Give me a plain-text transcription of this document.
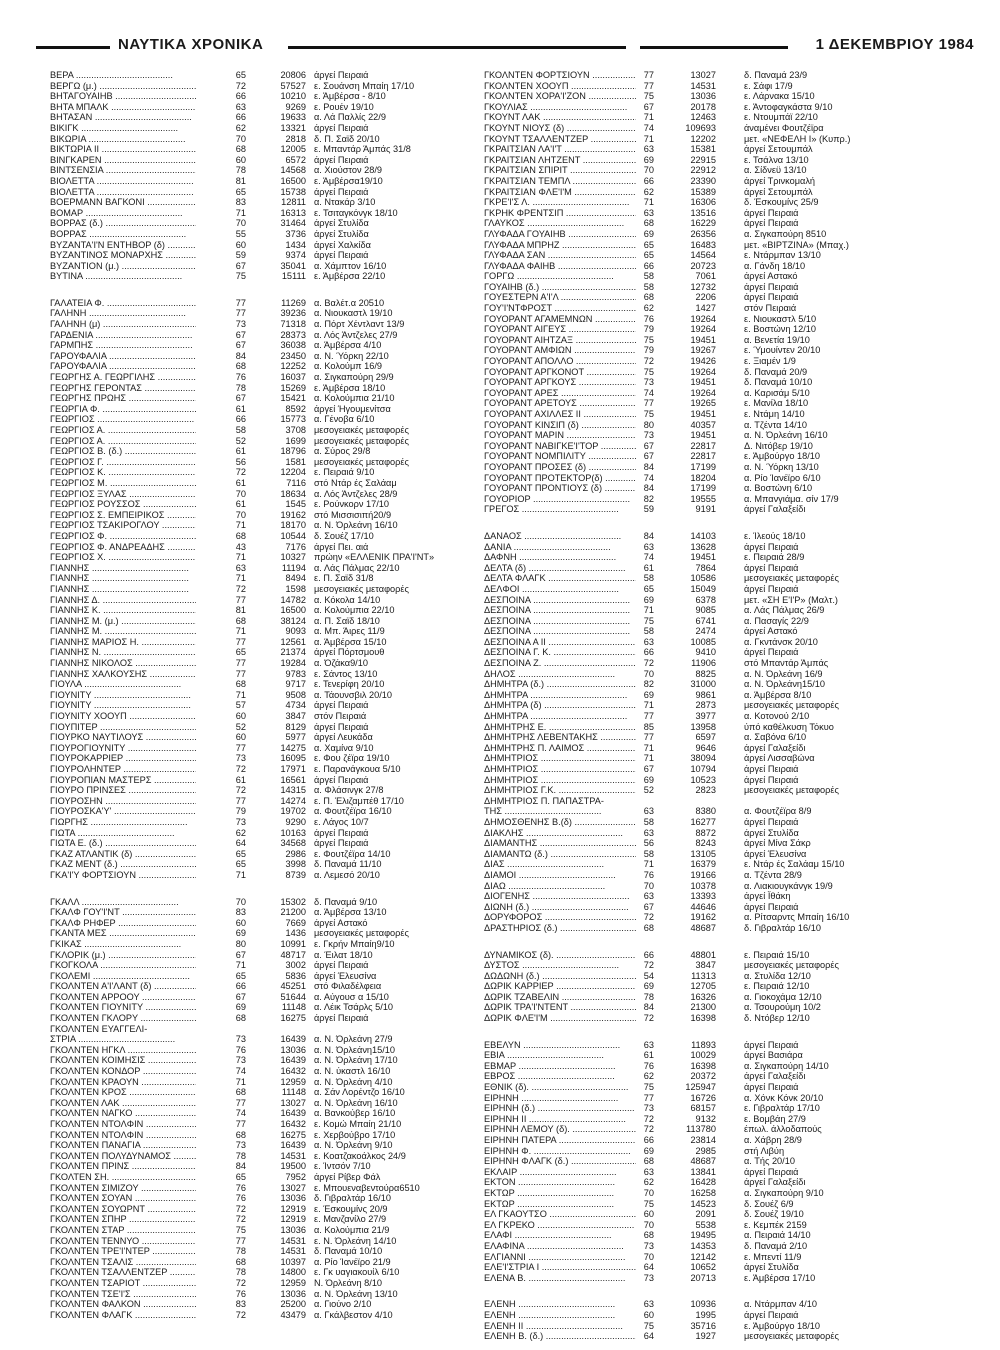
ΝΑΥΤΙΚΑ ΧΡΟΝΙΚΑ	1 ΔΕΚΕΜΒΡΙΟΥ 1984
ΒΕΡΑ .....	65	20806 άργεί Πειραιά
ΒΕΡΓΩ (μ.) .....	72	57527 ε. Σουάνση Μπαίη 17/10
ΒΗΤΑΓΟΥΑΙΗΒ .....	66	10210 ε. Άμβέρσα - 8/10
ΒΗΤΑ ΜΠΑΛΚ .....	63	9269 ε. Ρουέν 19/10
ΒΗΤΑΣΑΝ .....	66	19633 α. Λά Παλλίς 22/9
ΒΙΚΙΓΚ .....	62	13321 άργεί Πειραιά
ΒΙΚΩΡΙΑ .....	70	2818 δ. Π. Σαϊδ 20/10
ΒΙΚΤΩΡΙΑ ΙΙ .....	68	12005 ε. Μπαντάρ Άμπάς 31/8
ΒΙΝΓΚΑΡΕΝ .....	60	6572 άργεί Πειραιά
ΒΙΝΤΣΕΝΣΙΑ .....	78	14568 α. Χιούστον 28/9
ΒΙΟΛΕΤΤΑ .....	81	16500 ε. Άμβέρσα19/10
ΒΙΟΛΕΤΤΑ .....	65	15738 άργεί Πειραιά
ΒΟΕΡΜΑΝΝ ΒΑΓΚΟΝΙ .....	83	12811 α. Ντακάρ 3/10
ΒΟΜΑΡ .....	71	16313 ε. Τσιταγκόνγκ 18/10
ΒΟΡΡΑΣ (δ.) .....	70	31464 άργεί Στυλίδα
ΒΟΡΡΑΣ .....	55	3736 άργεί Στυλίδα
ΒΥΖΑΝΤΑ'Ι'Ν ΕΝΤΗΒΟΡ (δ) .....	60	1434 άργεί Χαλκίδα
ΒΥΖΑΝΤΙΝΟΣ ΜΟΝΑΡΧΗΣ .....	59	9374 άργεί Πειραιά
ΒΥΖΑΝΤΙΟΝ (μ.) .....	67	35041 α. Χάμπτον 16/10
ΒΥΤΙΝΑ .....	75	15111 ε. Άμβέρσα 22/10
ΓΑΛΑΤΕΙΑ Φ. .....	77	11269 α. Βαλέτ.α 20510
ΓΑΛΗΝΗ .....	77	39236 α. Νιουκαστλ 19/10
ΓΑΛΗΝΗ (μ) .....	73	71318 α. Πόρτ Χέντλαντ 13/9
ΓΑΡΔΕΝΙΑ .....	67	28373 α. Λός Άντζελες 27/9
ΓΑΡΜΠΗΣ .....	67	36038 α. Άμβέρσα 4/10
ΓΑΡΟΥΦΑΛΙΑ .....	84	23450 α. Ν. Ύόρκη 22/10
ΓΑΡΟΥΦΑΛΙΑ .....	68	12252 α. Κολούμπ 16/9
ΓΕΩΡΓΗΣ Α. ΓΕΩΡΓΙΛΗΣ .....	76	16037 α. Σιγκαπούρη 29/9
ΓΕΩΡΓΗΣ ΓΕΡΟΝΤΑΣ .....	78	15269 ε. Άμβέρσα 18/10
ΓΕΩΡΓΗΣ ΠΡΩΗΣ .....	67	15421 α. Κολούμπια 21/10
ΓΕΩΡΓΙΑ Φ. .....	61	8592 άργεί Ήγουμενίτσα
ΓΕΩΡΓΙΟΣ .....	66	15773 α. Γένοβα 6/10
ΓΕΩΡΓΙΟΣ Α. .....	58	3708 μεσογειακές μεταφορές
ΓΕΩΡΓΙΟΣ Α. .....	52	1699 μεσογειακές μεταφορές
ΓΕΩΡΓΙΟΣ Β. (δ.) .....	61	18796 α. Σύρος 29/8
ΓΕΩΡΓΙΟΣ Γ. .....	56	1581 μεσογειακές μεταφορές
ΓΕΩΡΓΙΟΣ Κ. .....	72	12204 ε. Πειραιά 9/10
ΓΕΩΡΓΙΟΣ Μ. .....	61	7116 στό Ντάρ ές Σαλάαμ
ΓΕΩΡΓΙΟΣ ΞΥΛΑΣ .....	70	18634 α. Λός Άντζελες 28/9
ΓΕΩΡΓΙΟΣ ΡΟΥΣΣΟΣ .....	61	1545 ε. Ρούνκορν 17/10
ΓΕΩΡΓΙΟΣ Σ. ΕΜΠΕΙΡΙΚΟΣ .....	70	19162 στό Μισσισιπή20/9
ΓΕΩΡΓΙΟΣ ΤΣΑΚΙΡΟΓΛΟΥ .....	71	18170 α. Ν. Όρλεάνη 16/10
ΓΕΩΡΓΙΟΣ Φ. .....	68	10544 δ. Σουέζ 17/10
ΓΕΩΡΓΙΟΣ Φ. ΑΝΔΡΕΑΔΗΣ .....	43	7176 άργεί Πει. αιά
ΓΕΩΡΓΙΟΣ Χ. .....	71	10327 πρώην «ΕΛΛΕΝΙΚ ΠΡΑ'Ι'ΝΤ»
ΓΙΑΝΝΗΣ .....	63	11194 α. Λάς Πάλμας 22/10
ΓΙΑΝΝΗΣ .....	71	8494 ε. Π. Σαϊδ 31/8
ΓΙΑΝΝΗΣ .....	72	1598 μεσογειακές μεταφορές
ΓΙΑΝΝΗΣ Δ. .....	77	14782 α. Κόκολα 14/10
ΓΙΑΝΝΗΣ Κ. .....	81	16500 α. Κολούμπια 22/10
ΓΙΑΝΝΗΣ Μ. (μ.) .....	68	38124 α. Π. Σαϊδ 18/10
ΓΙΑΝΝΗΣ Μ. .....	71	9093 α. Μπ. Άιρες 11/9
ΓΙΑΝΝΗΣ ΜΑΡΙΟΣ Η. .....	77	12561 α. Άμβέρσα 15/10
ΓΙΑΝΝΗΣ Ν. .....	65	21374 άργεί Πόρτσμουθ
ΓΙΑΝΝΗΣ ΝΙΚΟΛΟΣ .....	77	19284 α. Όζάκα9/10
ΓΙΑΝΝΗΣ ΧΑΛΚΟΥΣΗΣ .....	77	9783 ε. Σάντος 13/10
ΓΙΟΥΛΑ .....	68	9717 ε. Τενερίφη 20/10
ΓΙΟΥΝΙΤΥ .....	71	9508 α. Τάουνσβιλ 20/10
ΓΙΟΥΝΙΤΥ .....	57	4734 άργεί Πειραιά
ΓΙΟΥΝΙΤΥ ΧΟΟΥΠ .....	60	3847 στόν Πειραιά
ΓΙΟΥΠΙΤΕΡ .....	52	8129 άργεί Πειραιά
ΓΙΟΥΡΚΟ ΝΑΥΤΙΛΟΥΣ .....	60	5977 άργεί Λευκάδα
ΓΙΟΥΡΟΓΙΟΥΝΙΤΥ .....	77	14275 α. Χαμίνα 9/10
ΓΙΟΥΡΟΚΑΡΡΙΕΡ .....	73	16095 ε. Φου ζέϊρα 19/10
ΓΙΟΥΡΟΛΗΝΤΕΡ .....	72	17971 ε. Παρανάγκουα 5/10
ΓΙΟΥΡΟΠΙΑΝ ΜΑΣΤΕΡΣ .....	61	16561 άργεί Πειραιά
ΓΙΟΥΡΟ ΠΡΙΝΣΕΣ .....	72	14315 α. Φλάσινγκ 27/8
ΓΙΟΥΡΟΣΗΝ .....	77	14274 ε. Π. Έλιζαμπέθ 17/10
ΓΙΟΥΡΟΣΚΑ'Υ' .....	79	19702 α. Φουτζέϊρα 16/10
ΓΙΩΡΓΗΣ .....	73	9290 ε. Λάγος 10/7
ΓΙΩΤΑ .....	62	10163 άργεί Πειραιά
ΓΙΩΤΑ Ε. (δ.) .....	64	34568 άργεί Πειραιά
ΓΚΑΖ ΑΤΛΑΝΤΙΚ (δ) .....	65	2986 ε. Φουτζέϊρα 14/10
ΓΚΑΖ ΜΕΝΤ (δ.) .....	65	3998 δ. Παναμά 11/10
ΓΚΑ'Ι'Υ ΦΟΡΤΣΙΟΥΝ .....	71	8739 α. Λεμεσό 20/10
ΓΚΑΛΛ .....	70	15302 δ. Παναμά 9/10
ΓΚΑΛΦ ΓΟΥ'Ι'ΝΤ .....	83	21200 α. Άμβέρσα 13/10
ΓΚΑΛΦ ΡΗΦΕΡ .....	60	7669 άργεί Αστακό
ΓΚΑΝΤΑ ΜΕΣ .....	69	1436 μεσογειακές μεταφορές
ΓΚΙΚΑΣ .....	80	10991 ε. Γκρήν Μπαίη9/10
ΓΚΛΟΡΙΚ (μ.) .....	67	48717 α. Έιλατ 18/10
ΓΚΟΓΚΟΛΑ .....	71	3002 άργεί Πειραιά
ΓΚΟΛΕΜΙ .....	65	5836 άργεί Έλευσίνα
ΓΚΟΛΝΤΕΝ Α'Ι'ΛΑΝΤ (δ) .....	66	45251 στό Φιλαδέλφεια
ΓΚΟΛΝΤΕΝ ΑΡΡΟΟΥ .....	67	51644 α. Αύγουσ α 15/10
ΓΚΟΛΝΤΕΝ ΓΙΟΥΝΙΤΥ .....	69	11148 α. Λέικ Τσάρλς 5/10
ΓΚΟΛΝΤΕΝ ΓΚΛΟΡΥ .....	68	16275 άργεί Πειραιά
ΓΚΟΛΝΤΕΝ ΕΥΑΓΓΕΛΙ-
ΣΤΡΙΑ .....	73	16439 α. Ν. Όρλεάνη 27/9
ΓΚΟΛΝΤΕΝ ΗΓΚΛ .....	76	13036 α. Ν. Όρλεάνη15/10
ΓΚΟΛΝΤΕΝ ΚΟΙΜΗΣΙΣ .....	73	16439 α. Ν. Όρλεάνη 17/10
ΓΚΟΛΝΤΕΝ ΚΟΝΔΟΡ .....	74	16432 α. Ν. ύκαστλ 16/10
ΓΚΟΛΝΤΕΝ ΚΡΑΟΥΝ .....	71	12959 α. Ν. Όρλεάνη 4/10
ΓΚΟΛΝΤΕΝ ΚΡΟΣ .....	68	11148 α. Σάν Λορέντζο 16/10
ΓΚΟΛΝΤΕΝ ΛΑΚ .....	77	13027 α. Ν. Όρλεάνη 16/10
ΓΚΟΛΝΤΕΝ ΝΑΓΚΟ .....	74	16439 α. Βανκούβερ 16/10
ΓΚΟΛΝΤΕΝ ΝΤΟΛΦΙΝ .....	77	16432 ε. Κομώ Μπαίη 21/10
ΓΚΟΛΝΤΕΝ ΝΤΟΛΦΙΝ .....	68	16275 ε. Χερβούβρο 17/10
ΓΚΟΛΝΤΕΝ ΠΑΝΑΓΙΑ .....	73	16439 α. Ν. Όρλεάνη 9/10
ΓΚΟΛΝΤΕΝ ΠΟΛΥΔΥΝΑΜΟΣ .....	78	14531 ε. Κοατζακοάλκος 24/9
ΓΚΟΛΝΤΕΝ ΠΡΙΝΣ .....	84	19500 ε. Ίντσόν 7/10
ΓΚΟΛΤΕΝ ΣΗ. .....	65	7952 άργεί Ρίβερ Φάλ
ΓΚΟΛΝΤΕΝ ΣΙΜΙΖΟΥ .....	76	13027 ε. Μπουεναβεντούρα6510
ΓΚΟΛΝΤΕΝ ΣΟΥΑΝ .....	76	13036 δ. Γιβραλτάρ 16/10
ΓΚΟΛΝΤΕΝ ΣΟΥΩΡΝΤ .....	72	12919 ε. Έσκουμίνς 20/9
ΓΚΟΛΝΤΕΝ ΣΠΗΡ .....	72	12919 ε. Μανζανίλο 27/9
ΓΚΟΛΝΤΕΝ ΣΤΑΡ .....	75	13036 α. Κολούμπια 21/9
ΓΚΟΛΝΤΕΝ ΤΕΝΝΥΟ .....	77	14531 ε. Ν. Όρλεάνη 14/10
ΓΚΟΛΝΤΕΝ ΤΡΕ'Ι'ΝΤΕΡ .....	78	14531 δ. Παναμά 10/10
ΓΚΟΛΝΤΕΝ ΤΣΑΛΙΣ .....	68	10397 α. Ρίο Ίανέϊρο 21/9
ΓΚΟΛΝΤΕΝ ΤΣΑΛΛΕΝΤΖΕΡ .....	78	14800 ε. Γκ υαγιακουίλ 6/10
ΓΚΟΛΝΤΕΝ ΤΣΑΡΙΟΤ .....	72	12959 Ν. Όρλεάνη 8/10
ΓΚΟΛΝΤΕΝ ΤΣΕ'Ι'Σ .....	76	13036 α. Ν. Όρλεάνη 13/10
ΓΚΟΛΝΤΕΝ ΦΑΛΚΟΝ .....	83	25200 α. Γιούνο 2/10
ΓΚΟΛΝΤΕΝ ΦΛΑΓΚ .....	72	43479 α. Γκάλβεστον 4/10
ΓΚΟΛΝΤΕΝ ΦΟΡΤΣΙΟΥΝ .....	77	13027	δ. Παναμά 23/9
ΓΚΟΛΝΤΕΝ ΧΟΟΥΠ .....	77	14531	ε. Σάφι 17/9
ΓΚΟΛΝΤΕΝ ΧΟΡΑ'Ι'ΖΟΝ .....	75	13036	ε. Λάρνακα 15/10
ΓΚΟΥΛΙΑΣ .....	67	20178	ε. Άντοφαγκάστα 9/10
ΓΚΟΥΝΤ ΛΑΚ .....	71	12463	ε. Ντουμπάϊ 22/10
ΓΚΟΥΝΤ ΝΙΟΥΣ (δ) .....	74	109693	άναμένει Φουτζέϊρα
ΓΚΟΥΝΤ ΤΣΑΛΛΕΝΤΖΕΡ .....	71	12202	μετ. «ΝΕΦΕΛΗ Ι» (Κυπρ.)
ΓΚΡΑΙΤΣΙΑΝ ΛΑ'Ι'Τ .....	63	15381	άργεί Σετουμπάλ
ΓΚΡΑΙΤΣΙΑΝ ΛΗΤΖΕΝΤ .....	69	22915	ε. Τσάλνα 13/10
ΓΚΡΑΙΤΣΙΑΝ ΣΠΙΡΙΤ .....	70	22912	α. Σίδνεϋ 13/10
ΓΚΡΑΙΤΣΙΑΝ ΤΕΜΠΛ .....	66	23390	άργεί Τρινκομαλή
ΓΚΡΑΙΤΣΙΑΝ ΦΛΕ'Ι'Μ .....	62	15389	άργεί Σετουμπάλ
ΓΚΡΕ'Ι'Σ Λ. .....	71	16306	δ. Έσκουμίνς 25/9
ΓΚΡΗΚ ΦΡΕΝΤΣΙΠ .....	63	13516	άργεί Πειραιά
ΓΛΑΥΚΟΣ .....	68	16229	άργεί Πειραιά
ΓΛΥΦΑΔΑ ΓΟΥΑΙΗΒ .....	69	26356	α. Σιγκαπούρη 8510
ΓΛΥΦΑΔΑ ΜΠΡΗΖ .....	65	16483	μετ. «ΒΙΡΤΖΙΝΑ» (Μπαχ.)
ΓΛΥΦΑΔΑ ΣΑΝ .....	65	14564	ε. Ντάρμπαν 13/10
ΓΛΥΦΑΔΑ ΦΑΙΗΒ .....	66	20723	α. Γάνδη 18/10
ΓΟΡΓΩ .....	58	7061	άργεί Αστακό
ΓΟΥΑΙΗΒ (δ.) .....	58	12732	άργεί Πειραιά
ΓΟΥΕΣΤΕΡΝ Α'Ι'Λ .....	68	2206	άργεί Πειραιά
ΓΟΥ'Ι'ΝΤΦΡΟΣΤ .....	62	1427	στόν Πειραιά
ΓΟΥΟΡΑΝΤ ΑΓΑΜΕΜΝΩΝ .....	76	19264	ε. Νιουκαστλ 5/10
ΓΟΥΟΡΑΝΤ ΑΙΓΕΥΣ .....	79	19264	ε. Βοστώνη 12/10
ΓΟΥΟΡΑΝΤ ΑΙΗΤΖΑΞ .....	75	19451	α. Βενετία 19/10
ΓΟΥΟΡΑΝΤ ΑΜΦΙΩΝ .....	79	19267	ε. Ύμουίντεν 20/10
ΓΟΥΟΡΑΝΤ ΑΠΟΛΛΟ .....	72	19426	ε. Ξιαμέν 1/9
ΓΟΥΟΡΑΝΤ ΑΡΓΚΟΝΟΤ .....	75	19264	δ. Παναμά 20/9
ΓΟΥΟΡΑΝΤ ΑΡΓΚΟΥΣ .....	73	19451	δ. Παναμά 10/10
ΓΟΥΟΡΑΝΤ ΑΡΕΣ .....	74	19264	α. Καρισάμ 5/10
ΓΟΥΟΡΑΝΤ ΑΡΕΤΟΥΣ .....	77	19265	ε. Μανίλα 18/10
ΓΟΥΟΡΑΝΤ ΑΧΙΛΛΕΣ ΙΙ .....	75	19451	ε. Ντάμη 14/10
ΓΟΥΟΡΑΝΤ ΚΙΝΣΙΠ (δ) .....	80	40357	α. Τζέντα 14/10
ΓΟΥΟΡΑΝΤ ΜΑΡΙΝ .....	73	19451	α. Ν. Όρλεάνη 16/10
ΓΟΥΟΡΑΝΤ ΝΑΒΙΓΚΕ'Ι'ΤΟΡ .....	67	22817	Δ. Νιτόβερ 19/10
ΓΟΥΟΡΑΝΤ ΝΟΜΠΙΛΙΤΥ .....	67	22817	ε. Άμβούργο 18/10
ΓΟΥΟΡΑΝΤ ΠΡΟΣΕΣ (δ) .....	84	17199	α. Ν. Ύόρκη 13/10
ΓΟΥΟΡΑΝΤ ΠΡΟΤΕΚΤΟΡ(δ) .....	74	18204	α. Ρίο Ίανέϊρο 6/10
ΓΟΥΟΡΑΝΤ ΠΡΟΝΤΙΟΥΣ (δ) .....	84	17199	α. Βοστώνη 6/10
ΓΟΥΟΡΙΟΡ .....	82	19555	α. Μπανγιάμα. σίν 17/9
ΓΡΕΓΟΣ .....	59	9191	άργεί Γαλαξείδι
ΔΑΝΑΟΣ .....	84	14103	ε. Ίλεούς 18/10
ΔΑΝΙΑ .....	63	13628	άργεί Πειραιά
ΔΑΦΝΗ .....	74	19451	ε. Πειραιά 28/9
ΔΕΛΤΑ (δ) .....	61	7864	άργεί Πειραιά
ΔΕΛΤΑ ΦΛΑΓΚ .....	58	10586	μεσογειακές μεταφορές
ΔΕΛΦΟΙ .....	65	15049	άργεί Πειραιά
ΔΕΣΠΟΙΝΑ .....	69	6378	μετ. «ΣΗ Ε'Ι'Ρ» (Μαλτ.)
ΔΕΣΠΟΙΝΑ .....	71	9085	α. Λάς Πάλμας 26/9
ΔΕΣΠΟΙΝΑ .....	75	6741	α. Πασαγίς 22/9
ΔΕΣΠΟΙΝΑ .....	58	2474	άργεί Αστακό
ΔΕΣΠΟΙΝΑ Α ΙΙ .....	63	10085	α. Γκντάνσκ 20/10
ΔΕΣΠΟΙΝΑ Γ. Κ. .....	66	9410	άργεί Πειραιά
ΔΕΣΠΟΙΝΑ Ζ. .....	72	11906	στό Μπαντάρ Άμπάς
ΔΗΛΟΣ .....	70	8825	α. Ν. Όρλεάνη 16/9
ΔΗΜΗΤΡΑ (δ.) .....	82	31000	α. Ν. Όρλεάνη15/10
ΔΗΜΗΤΡΑ .....	69	9861	α. Άμβέρσα 8/10
ΔΗΜΗΤΡΑ (δ) .....	71	2873	μεσογειακές μεταφορές
ΔΗΜΗΤΡΑ .....	77	3977	α. Κοτονού 2/10
ΔΗΜΗΤΡΗΣ Ε. .....	85	13958	ύπό καθέλκυση Τόκυο
ΔΗΜΗΤΡΗΣ ΛΕΒΕΝΤΑΚΗΣ .....	77	6597	α. Σαβόνα 6/10
ΔΗΜΗΤΡΗΣ Π. ΛΑΙΜΟΣ .....	71	9646	άργεί Γαλαξείδι
ΔΗΜΗΤΡΙΟΣ .....	71	38094	άργεί Λισσαβώνα
ΔΗΜΗΤΡΙΟΣ .....	67	10794	άργεί Πειραιά
ΔΗΜΗΤΡΙΟΣ .....	69	10523	άργεί Πειραιά
ΔΗΜΗΤΡΙΟΣ Γ.Κ. .....	52	2823	μεσογειακές μεταφορές
ΔΗΜΗΤΡΙΟΣ Π. ΠΑΠΑΣΤΡΑ-
ΤΗΣ .....	63	8380	α. Φουτζέϊρα 8/9
ΔΗΜΟΣΘΕΝΗΣ Β.(δ) .....	58	16277	άργεί Πειραιά
ΔΙΑΚΛΗΣ .....	63	8872	άργεί Στυλίδα
ΔΙΑΜΑΝΤΗΣ .....	56	8243	άργεί Μίνα Σάκρ
ΔΙΑΜΑΝΤΩ (δ.) .....	58	13105	άργεί Έλευσίνα
ΔΙΑΣ .....	71	16379	ε. Ντάρ ές Σαλάαμ 15/10
ΔΙΑΜΟΙ .....	76	19166	α. Τζέντα 28/9
ΔΙΑΩ .....	70	10378	α. Λιακιουγκάνγκ 19/9
ΔΙΟΓΕΝΗΣ .....	63	13393	άργεί Ϊθάκη
ΔΙΩΝΗ (δ.) .....	67	44646	άργεί Πειραιά
ΔΟΡΥΦΟΡΟΣ .....	72	19162	α. Ρίτσαρντς Μπαίη 16/10
ΔΡΑΣΤΗΡΙΟΣ (δ.) .....	68	48687	δ. Γιβραλτάρ 16/10
ΔΥΝΑΜΙΚΟΣ (δ). .....	66	48801	ε. Πειραιά 15/10
ΔΥΣΤΟΣ .....	72	3847	μεσογειακές μεταφορές
ΔΩΔΩΝΗ (δ.) .....	54	11313	α. Στυλίδα 12/10
ΔΩΡΙΚ ΚΑΡΡΙΕΡ .....	69	12705	ε. Πειραιά 12/10
ΔΩΡΙΚ ΤΖΑΒΕΛΙΝ .....	78	16326	α. Γιοκοχάμα 12/10
ΔΩΡΙΚ ΤΡΑ'Ι'ΝΤΕΝΤ .....	84	21300	α. Τσουρούμη 10/2
ΔΩΡΙΚ ΦΛΕ'Ι'Μ .....	72	16398	δ. Ντόβερ 12/10
ΕΒΕΛΥΝ .....	63	11893	άργεί Πειραιά
ΕΒΙΑ .....	61	10029	άργεί Βασιάρα
ΕΒΜΑΡ .....	76	16398	α. Σιγκαπούρη 14/10
ΕΒΡΟΣ .....	62	20372	άργεί Γαλαξείδι
ΕΘΝΙΚ (δ). .....	75	125947	άργεί Πειραιά
ΕΙΡΗΝΗ .....	77	16726	α. Χόνκ Κόνκ 20/10
ΕΙΡΗΝΗ (δ.) .....	73	68157	ε. Γιβραλτάρ 17/10
ΕΙΡΗΝΗ ΙΙ .....	72	9132	ε. Βομβάη 27/9
ΕΙΡΗΝΗ ΛΕΜΟΥ (δ). .....	72	113780	έπωλ. άλλοδαπούς
ΕΙΡΗΝΗ ΠΑΤΕΡΑ .....	66	23814	α. Χάβρη 28/9
ΕΙΡΗΝΗ Φ. .....	69	2985	στή Λιβύη
ΕΙΡΗΝΗ ΦΛΑΓΚ (δ.) .....	68	48687	α. Τής 20/10
ΕΚΛΑΙΡ .....	63	13841	άργεί Πειραιά
ΕΚΤΟΝ .....	62	16428	άργεί Γαλαξείδι
ΕΚΤΩΡ .....	70	16258	α. Σιγκαπούρη 9/10
ΕΚΤΩΡ .....	75	14523	δ. Σουέζ 6/9
ΕΛ ΓΚΑΟΥΤΣΟ .....	60	2091	δ. Σουέζ 19/10
ΕΛ ΓΚΡΕΚΟ .....	70	5538	ε. Κεμπέκ 2159
ΕΛΑΦΙ .....	68	19495	α. Πειραιά 14/10
ΕΛΑΦΙΝΑ .....	73	14353	δ. Παναμά 2/10
ΕΛΓΙΑΝΝΙ .....	70	12142	ε. Μπεντί 11/9
ΕΛΕ'Ι'ΣΤΡΙΑ Ι .....	64	10652	άργεί Στυλίδα
ΕΛΕΝΑ Β. .....	73	20713	ε. Άμβέρσα 17/10
ΕΛΕΝΗ .....	63	10936	α. Ντάρμπαν 4/10
ΕΛΕΝΗ .....	60	1995	άργεί Πειραιά
ΕΛΕΝΗ ΙΙ .....	75	35716	ε. Άμβούργο 18/10
ΕΛΕΝΗ Β. (δ.) .....	64	1927	μεσογειακές μεταφορές
